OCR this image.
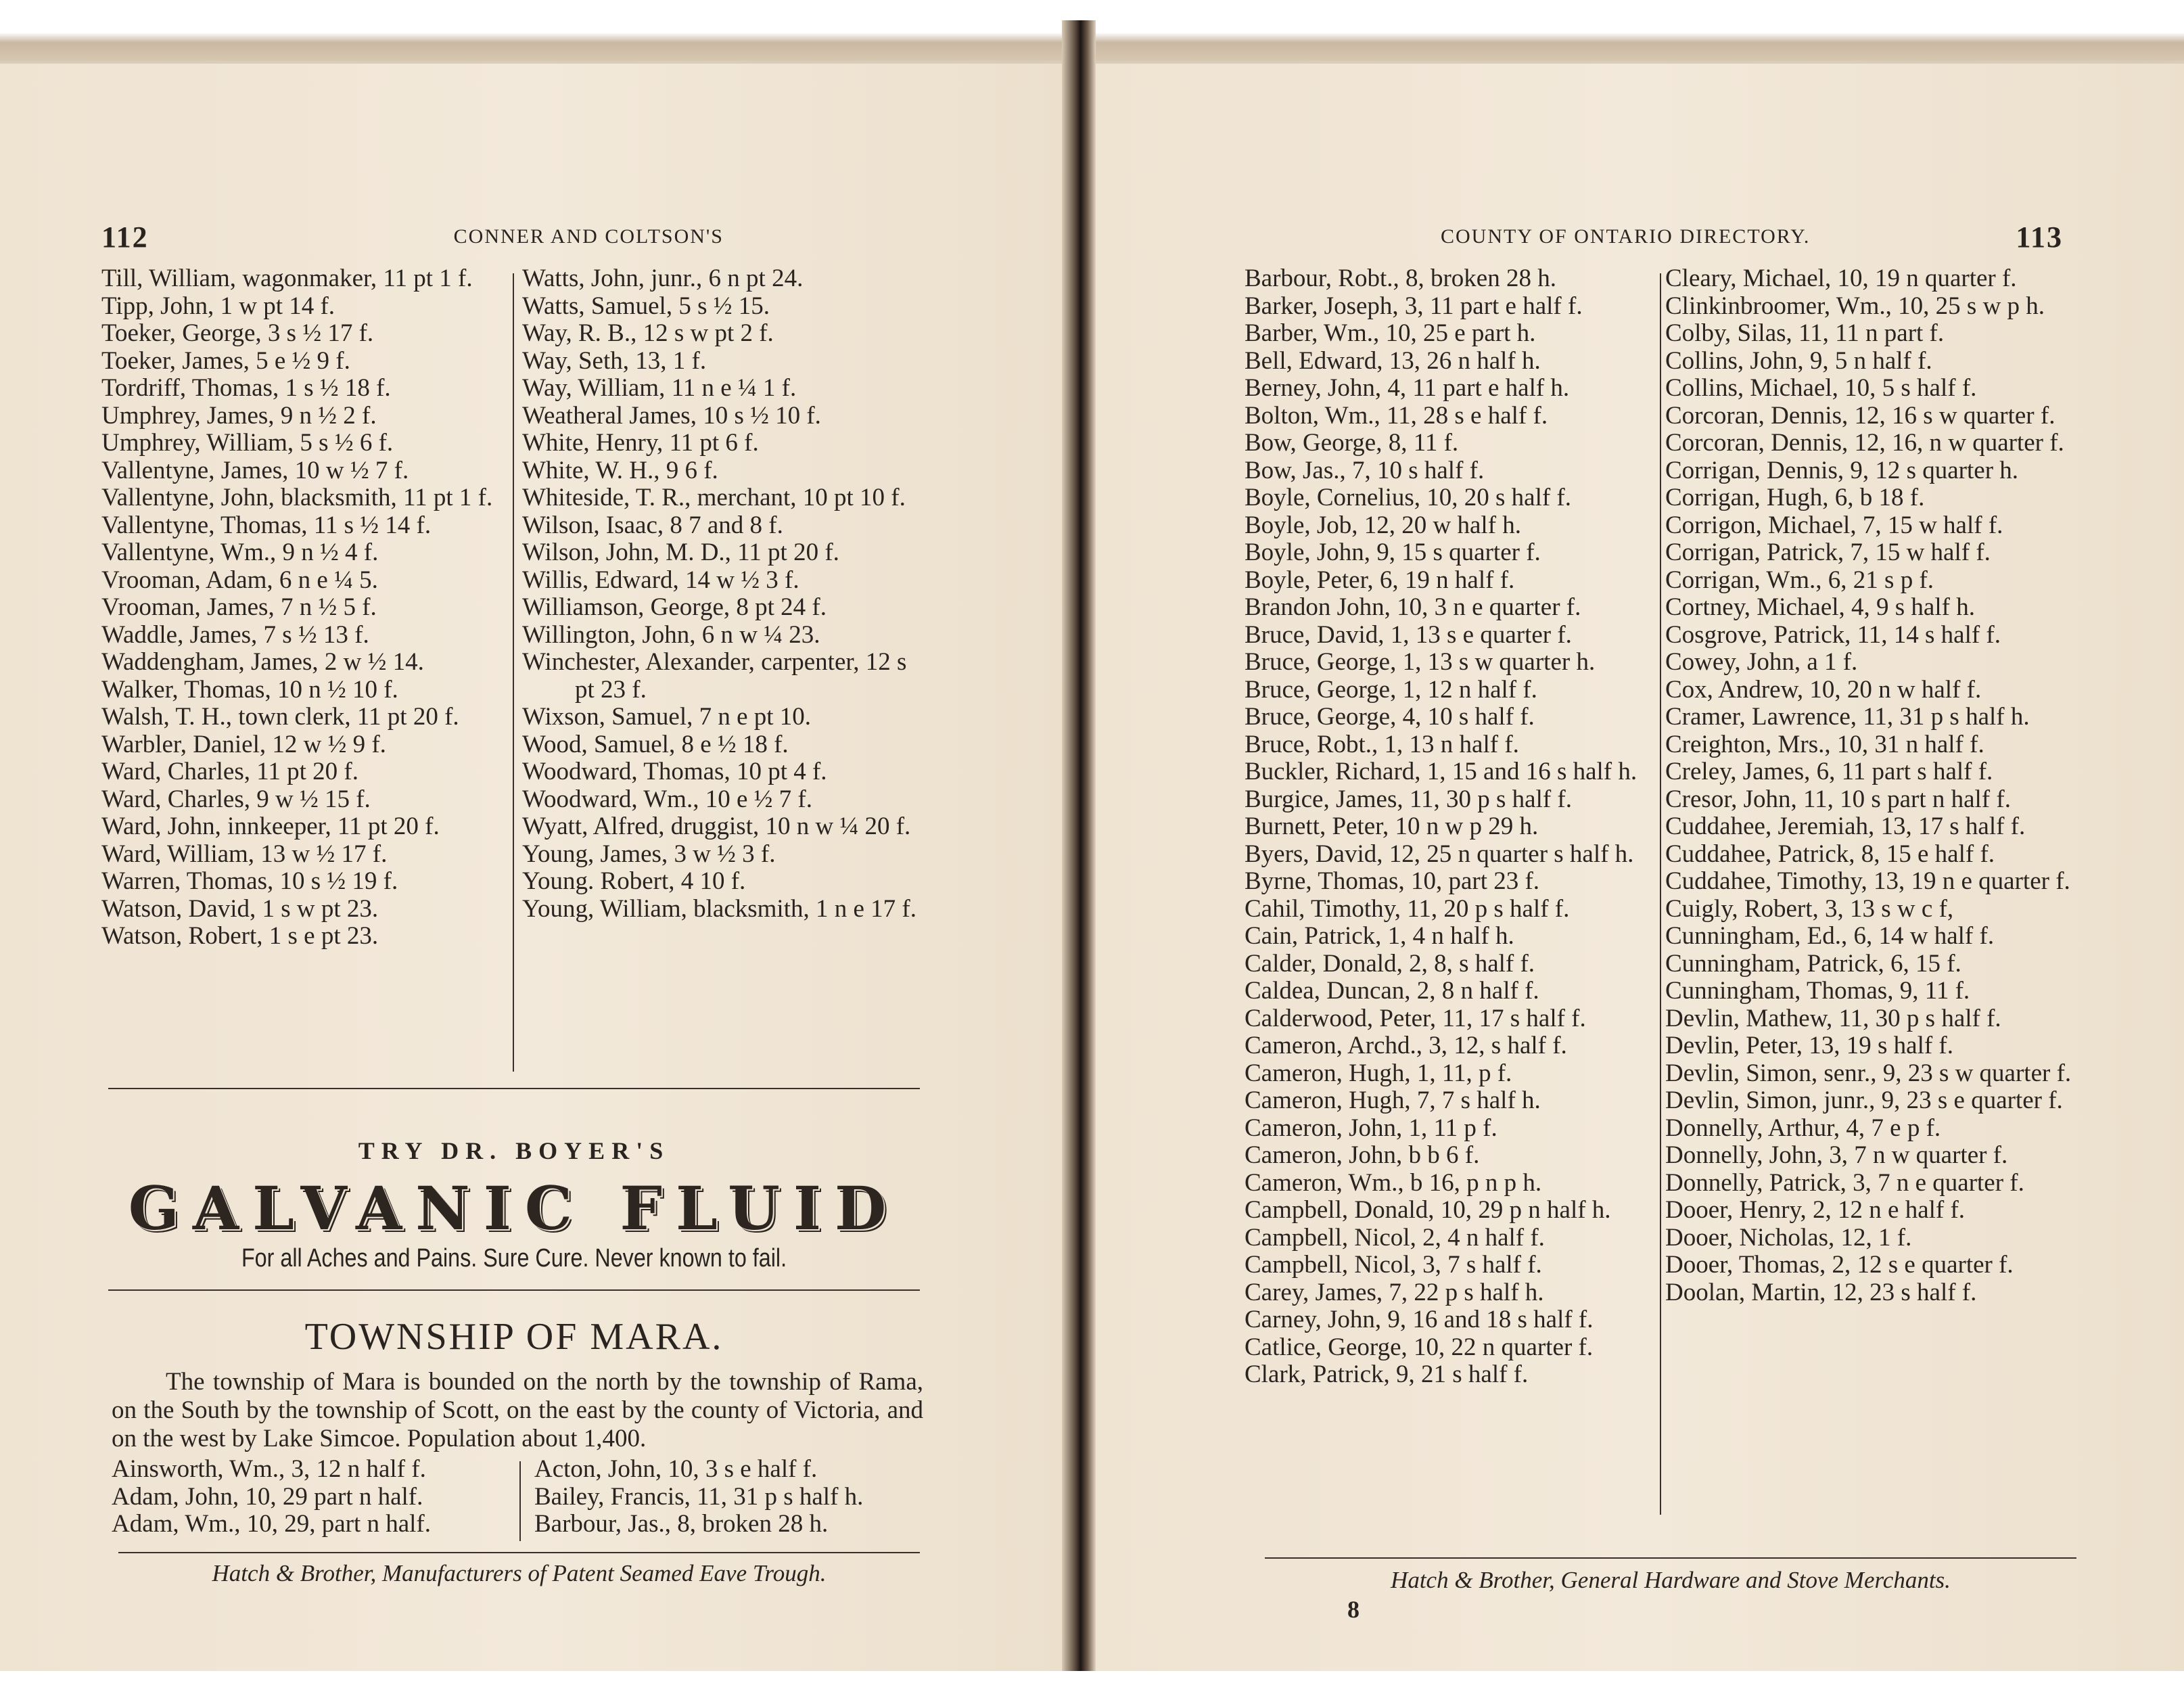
112	CONNER AND COLTSON'S
Till, William, wagonmaker, 11 pt 1 f.
Tipp, John, 1 w pt 14 f.
Toeker, George, 3 s ½ 17 f.
Toeker, James, 5 e ½ 9 f.
Tordriff, Thomas, 1 s ½ 18 f.
Umphrey, James, 9 n ½ 2 f.
Umphrey, William, 5 s ½ 6 f.
Vallentyne, James, 10 w ½ 7 f.
Vallentyne, John, blacksmith, 11 pt 1 f.
Vallentyne, Thomas, 11 s ½ 14 f.
Vallentyne, Wm., 9 n ½ 4 f.
Vrooman, Adam, 6 n e ¼ 5.
Vrooman, James, 7 n ½ 5 f.
Waddle, James, 7 s ½ 13 f.
Waddengham, James, 2 w ½ 14.
Walker, Thomas, 10 n ½ 10 f.
Walsh, T. H., town clerk, 11 pt 20 f.
Warbler, Daniel, 12 w ½ 9 f.
Ward, Charles, 11 pt 20 f.
Ward, Charles, 9 w ½ 15 f.
Ward, John, innkeeper, 11 pt 20 f.
Ward, William, 13 w ½ 17 f.
Warren, Thomas, 10 s ½ 19 f.
Watson, David, 1 s w pt 23.
Watson, Robert, 1 s e pt 23.
Watts, John, junr., 6 n pt 24.
Watts, Samuel, 5 s ½ 15.
Way, R. B., 12 s w pt 2 f.
Way, Seth, 13, 1 f.
Way, William, 11 n e ¼ 1 f.
Weatheral James, 10 s ½ 10 f.
White, Henry, 11 pt 6 f.
White, W. H., 9 6 f.
Whiteside, T. R., merchant, 10 pt 10 f.
Wilson, Isaac, 8 7 and 8 f.
Wilson, John, M. D., 11 pt 20 f.
Willis, Edward, 14 w ½ 3 f.
Williamson, George, 8 pt 24 f.
Willington, John, 6 n w ¼ 23.
Winchester, Alexander, carpenter, 12 s pt 23 f.
Wixson, Samuel, 7 n e pt 10.
Wood, Samuel, 8 e ½ 18 f.
Woodward, Thomas, 10 pt 4 f.
Woodward, Wm., 10 e ½ 7 f.
Wyatt, Alfred, druggist, 10 n w ¼ 20 f.
Young, James, 3 w ½ 3 f.
Young. Robert, 4 10 f.
Young, William, blacksmith, 1 n e 17 f.
TRY DR. BOYER'S
GALVANIC FLUID
For all Aches and Pains. Sure Cure. Never known to fail.
TOWNSHIP OF MARA.
The township of Mara is bounded on the north by the township of Rama, on the South by the township of Scott, on the east by the county of Victoria, and on the west by Lake Simcoe. Population about 1,400.
Ainsworth, Wm., 3, 12 n half f.
Adam, John, 10, 29 part n half.
Adam, Wm., 10, 29, part n half.
Acton, John, 10, 3 s e half f.
Bailey, Francis, 11, 31 p s half h.
Barbour, Jas., 8, broken 28 h.
Hatch & Brother, Manufacturers of Patent Seamed Eave Trough.
COUNTY OF ONTARIO DIRECTORY.	113
Barbour, Robt., 8, broken 28 h.
Barker, Joseph, 3, 11 part e half f.
Barber, Wm., 10, 25 e part h.
Bell, Edward, 13, 26 n half h.
Berney, John, 4, 11 part e half h.
Bolton, Wm., 11, 28 s e half f.
Bow, George, 8, 11 f.
Bow, Jas., 7, 10 s half f.
Boyle, Cornelius, 10, 20 s half f.
Boyle, Job, 12, 20 w half h.
Boyle, John, 9, 15 s quarter f.
Boyle, Peter, 6, 19 n half f.
Brandon John, 10, 3 n e quarter f.
Bruce, David, 1, 13 s e quarter f.
Bruce, George, 1, 13 s w quarter h.
Bruce, George, 1, 12 n half f.
Bruce, George, 4, 10 s half f.
Bruce, Robt., 1, 13 n half f.
Buckler, Richard, 1, 15 and 16 s half h.
Burgice, James, 11, 30 p s half f.
Burnett, Peter, 10 n w p 29 h.
Byers, David, 12, 25 n quarter s half h.
Byrne, Thomas, 10, part 23 f.
Cahil, Timothy, 11, 20 p s half f.
Cain, Patrick, 1, 4 n half h.
Calder, Donald, 2, 8, s half f.
Caldea, Duncan, 2, 8 n half f.
Calderwood, Peter, 11, 17 s half f.
Cameron, Archd., 3, 12, s half f.
Cameron, Hugh, 1, 11, p f.
Cameron, Hugh, 7, 7 s half h.
Cameron, John, 1, 11 p f.
Cameron, John, b b 6 f.
Cameron, Wm., b 16, p n p h.
Campbell, Donald, 10, 29 p n half h.
Campbell, Nicol, 2, 4 n half f.
Campbell, Nicol, 3, 7 s half f.
Carey, James, 7, 22 p s half h.
Carney, John, 9, 16 and 18 s half f.
Catlice, George, 10, 22 n quarter f.
Clark, Patrick, 9, 21 s half f.
Cleary, Michael, 10, 19 n quarter f.
Clinkinbroomer, Wm., 10, 25 s w p h.
Colby, Silas, 11, 11 n part f.
Collins, John, 9, 5 n half f.
Collins, Michael, 10, 5 s half f.
Corcoran, Dennis, 12, 16 s w quarter f.
Corcoran, Dennis, 12, 16, n w quarter f.
Corrigan, Dennis, 9, 12 s quarter h.
Corrigan, Hugh, 6, b 18 f.
Corrigon, Michael, 7, 15 w half f.
Corrigan, Patrick, 7, 15 w half f.
Corrigan, Wm., 6, 21 s p f.
Cortney, Michael, 4, 9 s half h.
Cosgrove, Patrick, 11, 14 s half f.
Cowey, John, a 1 f.
Cox, Andrew, 10, 20 n w half f.
Cramer, Lawrence, 11, 31 p s half h.
Creighton, Mrs., 10, 31 n half f.
Creley, James, 6, 11 part s half f.
Cresor, John, 11, 10 s part n half f.
Cuddahee, Jeremiah, 13, 17 s half f.
Cuddahee, Patrick, 8, 15 e half f.
Cuddahee, Timothy, 13, 19 n e quarter f.
Cuigly, Robert, 3, 13 s w c f,
Cunningham, Ed., 6, 14 w half f.
Cunningham, Patrick, 6, 15 f.
Cunningham, Thomas, 9, 11 f.
Devlin, Mathew, 11, 30 p s half f.
Devlin, Peter, 13, 19 s half f.
Devlin, Simon, senr., 9, 23 s w quarter f.
Devlin, Simon, junr., 9, 23 s e quarter f.
Donnelly, Arthur, 4, 7 e p f.
Donnelly, John, 3, 7 n w quarter f.
Donnelly, Patrick, 3, 7 n e quarter f.
Dooer, Henry, 2, 12 n e half f.
Dooer, Nicholas, 12, 1 f.
Dooer, Thomas, 2, 12 s e quarter f.
Doolan, Martin, 12, 23 s half f.
Hatch & Brother, General Hardware and Stove Merchants.
8
